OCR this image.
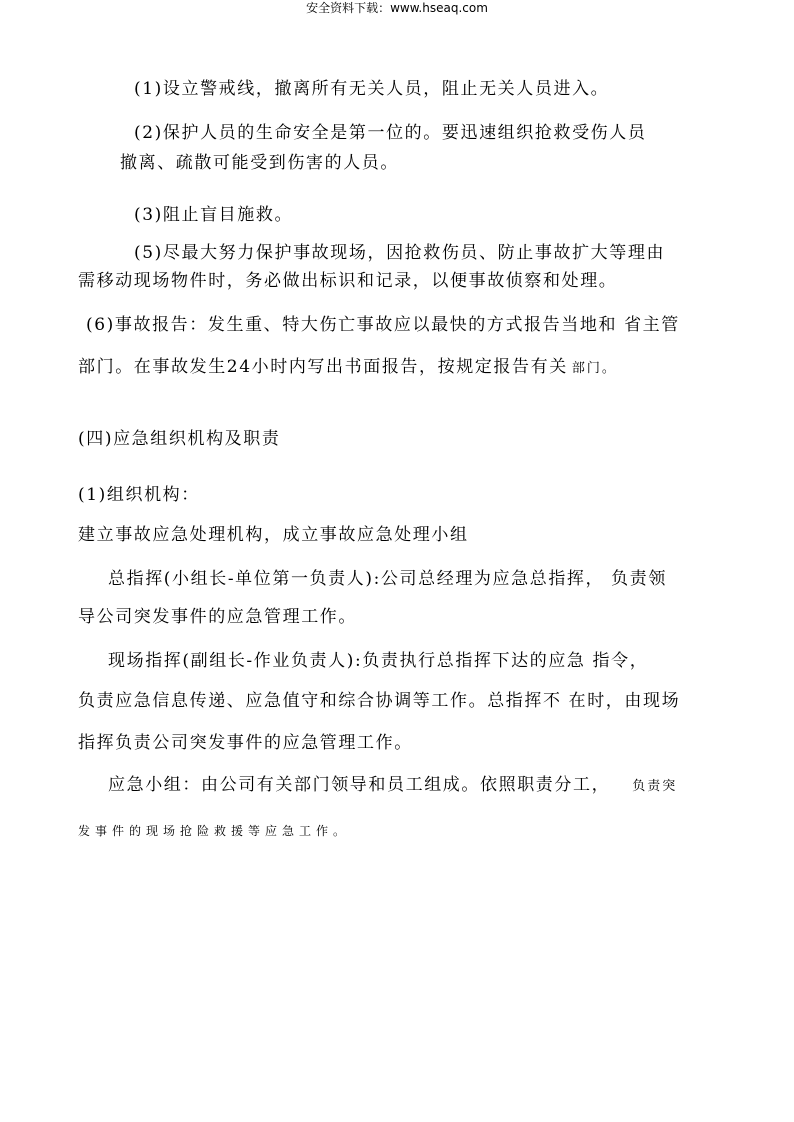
安全资料下载：www.hseaq.com
(1)设立警戒线，撤离所有无关人员，阻止无关人员进入。
(2)保护人员的生命安全是第一位的。要迅速组织抢救受伤人员
撤离、疏散可能受到伤害的人员。
(3)阻止盲目施救。
(5)尽最大努力保护事故现场，因抢救伤员、防止事故扩大等理由
需移动现场物件时，务必做出标识和记录，以便事故侦察和处理。
(6)事故报告：发生重、特大伤亡事故应以最快的方式报告当地和 省主管
部门。在事故发生24小时内写出书面报告，按规定报告有关 部门。
(四)应急组织机构及职责
(1)组织机构：
建立事故应急处理机构，成立事故应急处理小组
总指挥(小组长-单位第一负责人):公司总经理为应急总指挥， 负责领
导公司突发事件的应急管理工作。
现场指挥(副组长-作业负责人):负责执行总指挥下达的应急 指令，
负责应急信息传递、应急值守和综合协调等工作。总指挥不 在时，由现场
指挥负责公司突发事件的应急管理工作。
应急小组：由公司有关部门领导和员工组成。依照职责分工， 负责突
发事件的现场抢险救援等应急工作。
